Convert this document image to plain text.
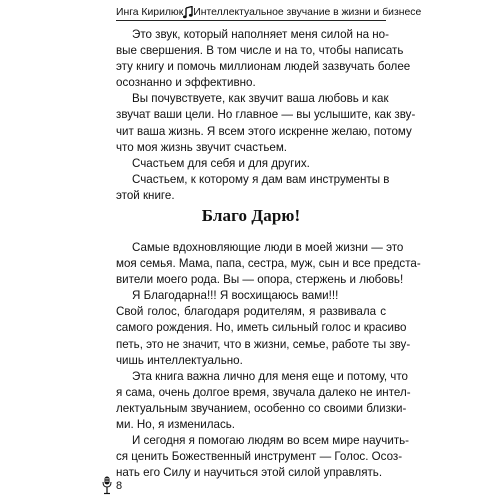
Инга Кирилюк Интеллектуальное звучание в жизни и бизнесе

Это звук, который наполняет меня силой на но-
вые свершения. В том числе и на то, чтобы написать
эту книгу и помочь миллионам людей зазвучать более
осознанно и эффективно.

Вы почувствуете, как звучит ваша любовь и как
звучат ваши цели. Но главное — вы услышите, как зву-
чит ваша жизнь. Я всем этого искренне желаю, потому
что моя жизнь звучит счастьем.

Счастьем для себя и для других.

Счастьем, к которому я дам вам инструменты в
этой книге.

Благо Дарю!

Самые вдохновляющие люди в моей жизни — это
моя семья. Мама, папа, сестра, муж, сын и все предста-
вители моего рода. Вы — опора, стержень и любовь!

Я Благодарна!!! Я восхищаюсь вами!!!

Свой голос, благодаря родителям, я развивала с
самого рождения. Но, иметь сильный голос и красиво
петь, это не значит, что в жизни, семье, работе ты зву-
чишь интеллектуально.

Эта книга важна лично для меня еще и потому, что
я сама, очень долгое время, звучала далеко не интел-
лектуальным звучанием, особенно со своими близки-
ми. Но, я изменилась.

И сегодня я помогаю людям во всем мире научить-
ся ценить Божественный инструмент — Голос. Осоз-
нать его Силу и научиться этой силой управлять.

8
